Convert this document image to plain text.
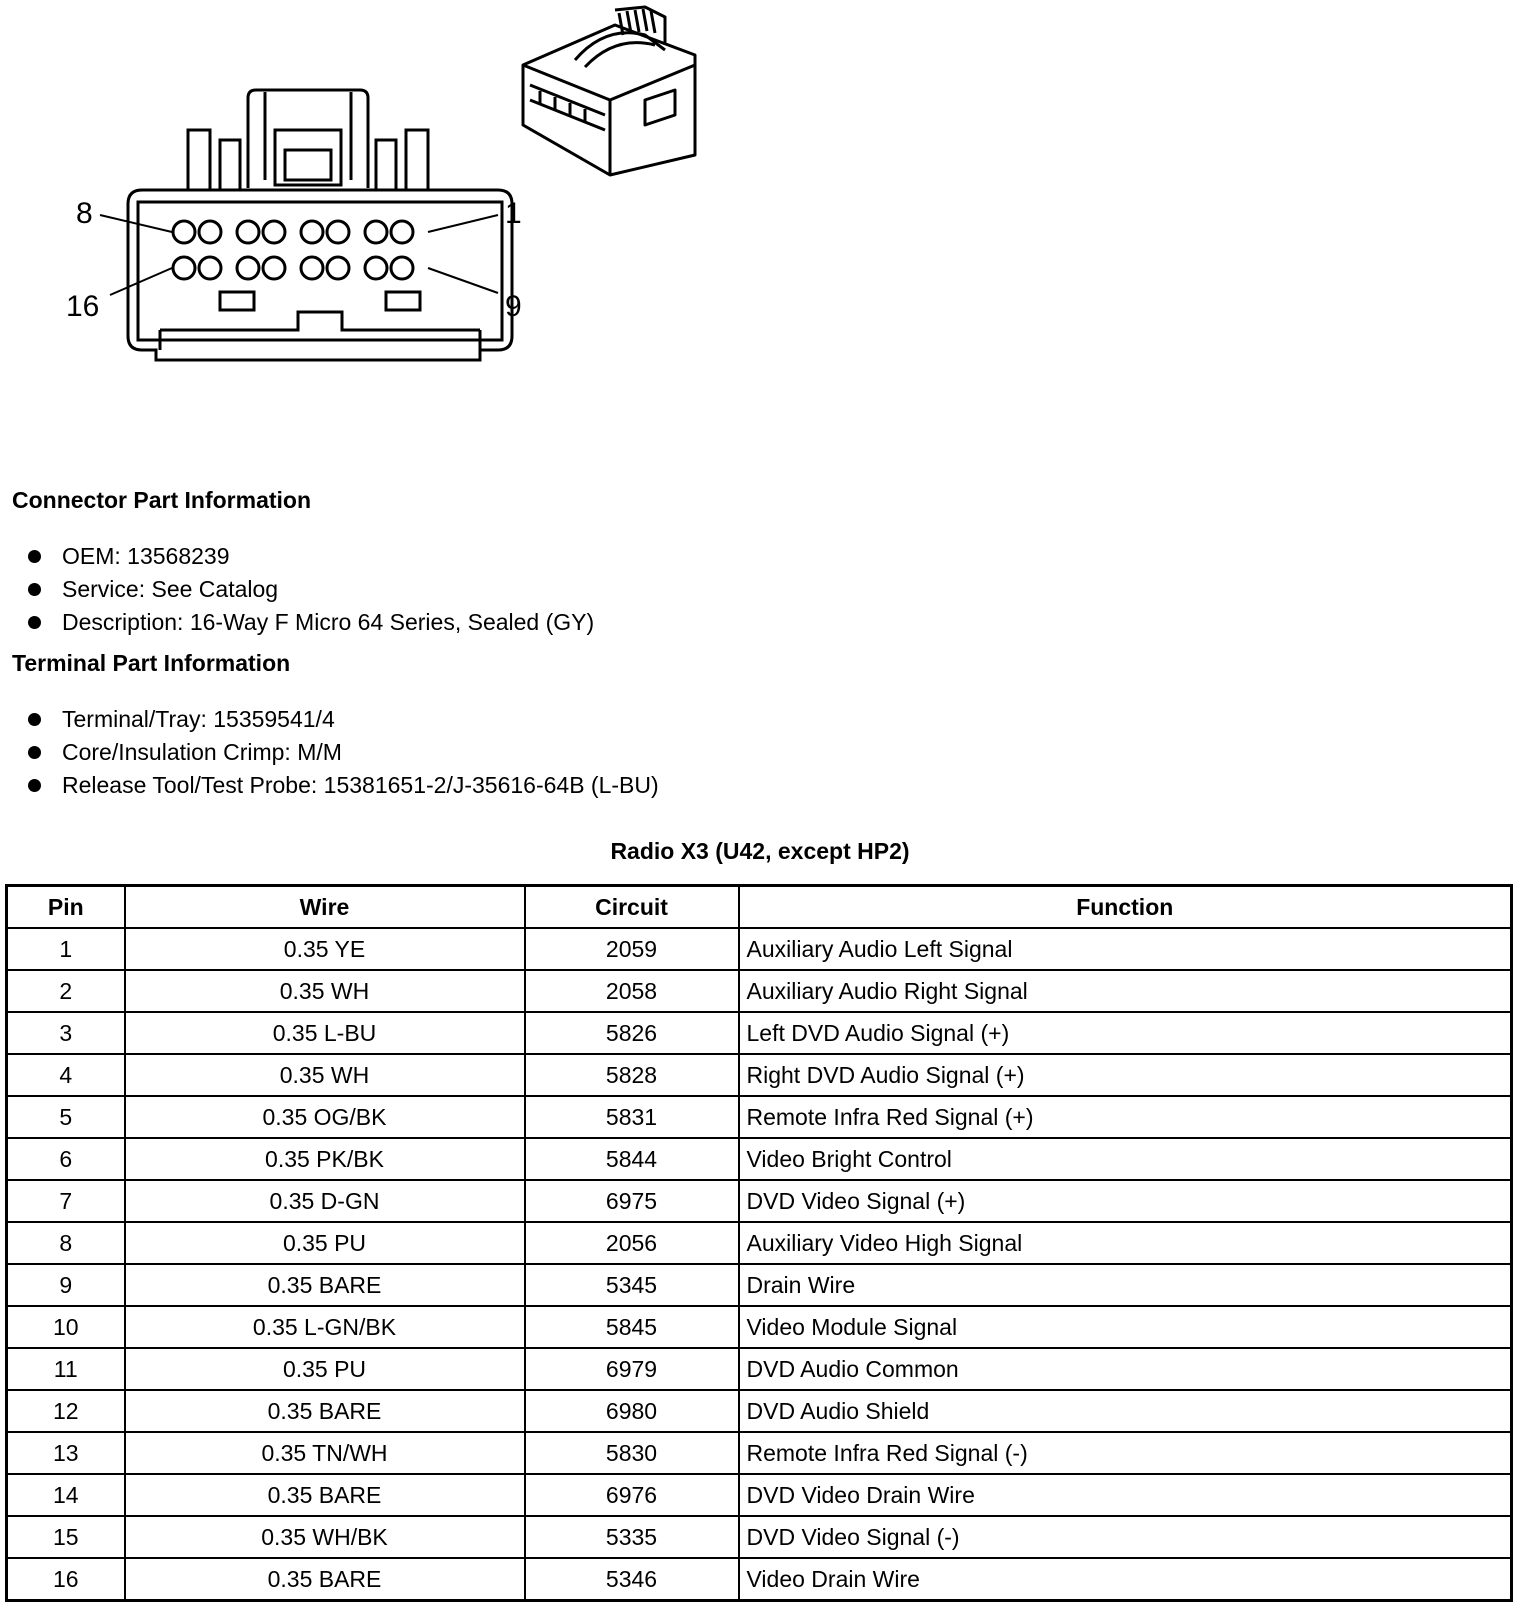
8	1
16	9
Connector Part Information
OEM: 13568239
Service: See Catalog
Description: 16-Way F Micro 64 Series, Sealed (GY)
Terminal Part Information
Terminal/Tray: 15359541/4
Core/Insulation Crimp: M/M
Release Tool/Test Probe: 15381651-2/J-35616-64B (L-BU)
Radio X3 (U42, except HP2)
Pin	Wire	Circuit	Function
1	0.35 YE	2059	Auxiliary Audio Left Signal
2	0.35 WH	2058	Auxiliary Audio Right Signal
3	0.35 L-BU	5826	Left DVD Audio Signal (+)
4	0.35 WH	5828	Right DVD Audio Signal (+)
5	0.35 OG/BK	5831	Remote Infra Red Signal (+)
6	0.35 PK/BK	5844	Video Bright Control
7	0.35 D-GN	6975	DVD Video Signal (+)
8	0.35 PU	2056	Auxiliary Video High Signal
9	0.35 BARE	5345	Drain Wire
10	0.35 L-GN/BK	5845	Video Module Signal
11	0.35 PU	6979	DVD Audio Common
12	0.35 BARE	6980	DVD Audio Shield
13	0.35 TN/WH	5830	Remote Infra Red Signal (-)
14	0.35 BARE	6976	DVD Video Drain Wire
15	0.35 WH/BK	5335	DVD Video Signal (-)
16	0.35 BARE	5346	Video Drain Wire
